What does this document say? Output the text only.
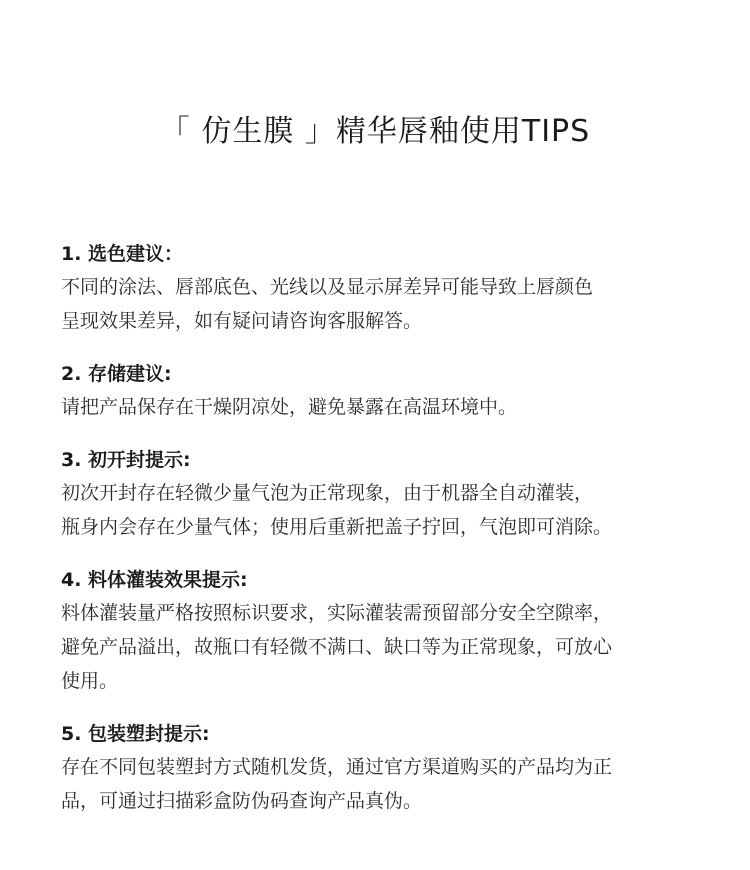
「 仿生膜 」精华唇釉使用TIPS

1. 选色建议：

不同的涂法、唇部底色、光线以及显示屏差异可能导致上唇颜色
呈现效果差异，如有疑问请咨询客服解答。

2. 存储建议:

请把产品保存在干燥阴凉处，避免暴露在高温环境中。

3. 初开封提示:

初次开封存在轻微少量气泡为正常现象，由于机器全自动灌装，
瓶身内会存在少量气体；使用后重新把盖子拧回，气泡即可消除。

4. 料体灌装效果提示:

料体灌装量严格按照标识要求，实际灌装需预留部分安全空隙率，
避免产品溢出，故瓶口有轻微不满口、缺口等为正常现象，可放心
使用。

5. 包装塑封提示:

存在不同包装塑封方式随机发货，通过官方渠道购买的产品均为正
品，可通过扫描彩盒防伪码查询产品真伪。
